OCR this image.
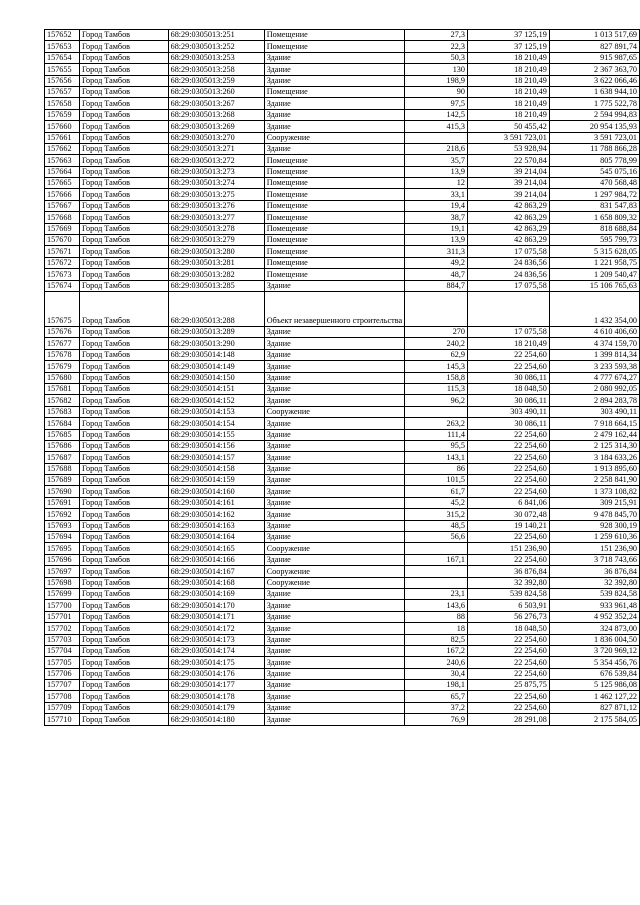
157652	Город Тамбов	68:29:0305013:251	Помещение	27,3	37 125,19	1 013 517,69
157653	Город Тамбов	68:29:0305013:252	Помещение	22,3	37 125,19	827 891,74
157654	Город Тамбов	68:29:0305013:253	Здание	50,3	18 210,49	915 987,65
157655	Город Тамбов	68:29:0305013:258	Здание	130	18 210,49	2 367 363,70
157656	Город Тамбов	68:29:0305013:259	Здание	198,9	18 210,49	3 622 066,46
157657	Город Тамбов	68:29:0305013:260	Помещение	90	18 210,49	1 638 944,10
157658	Город Тамбов	68:29:0305013:267	Здание	97,5	18 210,49	1 775 522,78
157659	Город Тамбов	68:29:0305013:268	Здание	142,5	18 210,49	2 594 994,83
157660	Город Тамбов	68:29:0305013:269	Здание	415,3	50 455,42	20 954 135,93
157661	Город Тамбов	68:29:0305013:270	Сооружение		3 591 723,01	3 591 723,01
157662	Город Тамбов	68:29:0305013:271	Здание	218,6	53 928,94	11 788 866,28
157663	Город Тамбов	68:29:0305013:272	Помещение	35,7	22 570,84	805 778,99
157664	Город Тамбов	68:29:0305013:273	Помещение	13,9	39 214,04	545 075,16
157665	Город Тамбов	68:29:0305013:274	Помещение	12	39 214,04	470 568,48
157666	Город Тамбов	68:29:0305013:275	Помещение	33,1	39 214,04	1 297 984,72
157667	Город Тамбов	68:29:0305013:276	Помещение	19,4	42 863,29	831 547,83
157668	Город Тамбов	68:29:0305013:277	Помещение	38,7	42 863,29	1 658 809,32
157669	Город Тамбов	68:29:0305013:278	Помещение	19,1	42 863,29	818 688,84
157670	Город Тамбов	68:29:0305013:279	Помещение	13,9	42 863,29	595 799,73
157671	Город Тамбов	68:29:0305013:280	Помещение	311,3	17 075,58	5 315 628,05
157672	Город Тамбов	68:29:0305013:281	Помещение	49,2	24 836,56	1 221 958,75
157673	Город Тамбов	68:29:0305013:282	Помещение	48,7	24 836,56	1 209 540,47
157674	Город Тамбов	68:29:0305013:285	Здание	884,7	17 075,58	15 106 765,63
157675	Город Тамбов	68:29:0305013:288	Объект незавершенного строительства			1 432 354,00
157676	Город Тамбов	68:29:0305013:289	Здание	270	17 075,58	4 610 406,60
157677	Город Тамбов	68:29:0305013:290	Здание	240,2	18 210,49	4 374 159,70
157678	Город Тамбов	68:29:0305014:148	Здание	62,9	22 254,60	1 399 814,34
157679	Город Тамбов	68:29:0305014:149	Здание	145,3	22 254,60	3 233 593,38
157680	Город Тамбов	68:29:0305014:150	Здание	158,8	30 086,11	4 777 674,27
157681	Город Тамбов	68:29:0305014:151	Здание	115,3	18 048,50	2 080 992,05
157682	Город Тамбов	68:29:0305014:152	Здание	96,2	30 086,11	2 894 283,78
157683	Город Тамбов	68:29:0305014:153	Сооружение		303 490,11	303 490,11
157684	Город Тамбов	68:29:0305014:154	Здание	263,2	30 086,11	7 918 664,15
157685	Город Тамбов	68:29:0305014:155	Здание	111,4	22 254,60	2 479 162,44
157686	Город Тамбов	68:29:0305014:156	Здание	95,5	22 254,60	2 125 314,30
157687	Город Тамбов	68:29:0305014:157	Здание	143,1	22 254,60	3 184 633,26
157688	Город Тамбов	68:29:0305014:158	Здание	86	22 254,60	1 913 895,60
157689	Город Тамбов	68:29:0305014:159	Здание	101,5	22 254,60	2 258 841,90
157690	Город Тамбов	68:29:0305014:160	Здание	61,7	22 254,60	1 373 108,82
157691	Город Тамбов	68:29:0305014:161	Здание	45,2	6 841,06	309 215,91
157692	Город Тамбов	68:29:0305014:162	Здание	315,2	30 072,48	9 478 845,70
157693	Город Тамбов	68:29:0305014:163	Здание	48,5	19 140,21	928 300,19
157694	Город Тамбов	68:29:0305014:164	Здание	56,6	22 254,60	1 259 610,36
157695	Город Тамбов	68:29:0305014:165	Сооружение		151 236,90	151 236,90
157696	Город Тамбов	68:29:0305014:166	Здание	167,1	22 254,60	3 718 743,66
157697	Город Тамбов	68:29:0305014:167	Сооружение		36 876,84	36 876,84
157698	Город Тамбов	68:29:0305014:168	Сооружение		32 392,80	32 392,80
157699	Город Тамбов	68:29:0305014:169	Здание	23,1	539 824,58	539 824,58
157700	Город Тамбов	68:29:0305014:170	Здание	143,6	6 503,91	933 961,48
157701	Город Тамбов	68:29:0305014:171	Здание	88	56 276,73	4 952 352,24
157702	Город Тамбов	68:29:0305014:172	Здание	18	18 048,50	324 873,00
157703	Город Тамбов	68:29:0305014:173	Здание	82,5	22 254,60	1 836 004,50
157704	Город Тамбов	68:29:0305014:174	Здание	167,2	22 254,60	3 720 969,12
157705	Город Тамбов	68:29:0305014:175	Здание	240,6	22 254,60	5 354 456,76
157706	Город Тамбов	68:29:0305014:176	Здание	30,4	22 254,60	676 539,84
157707	Город Тамбов	68:29:0305014:177	Здание	198,1	25 875,75	5 125 986,08
157708	Город Тамбов	68:29:0305014:178	Здание	65,7	22 254,60	1 462 127,22
157709	Город Тамбов	68:29:0305014:179	Здание	37,2	22 254,60	827 871,12
157710	Город Тамбов	68:29:0305014:180	Здание	76,9	28 291,08	2 175 584,05
